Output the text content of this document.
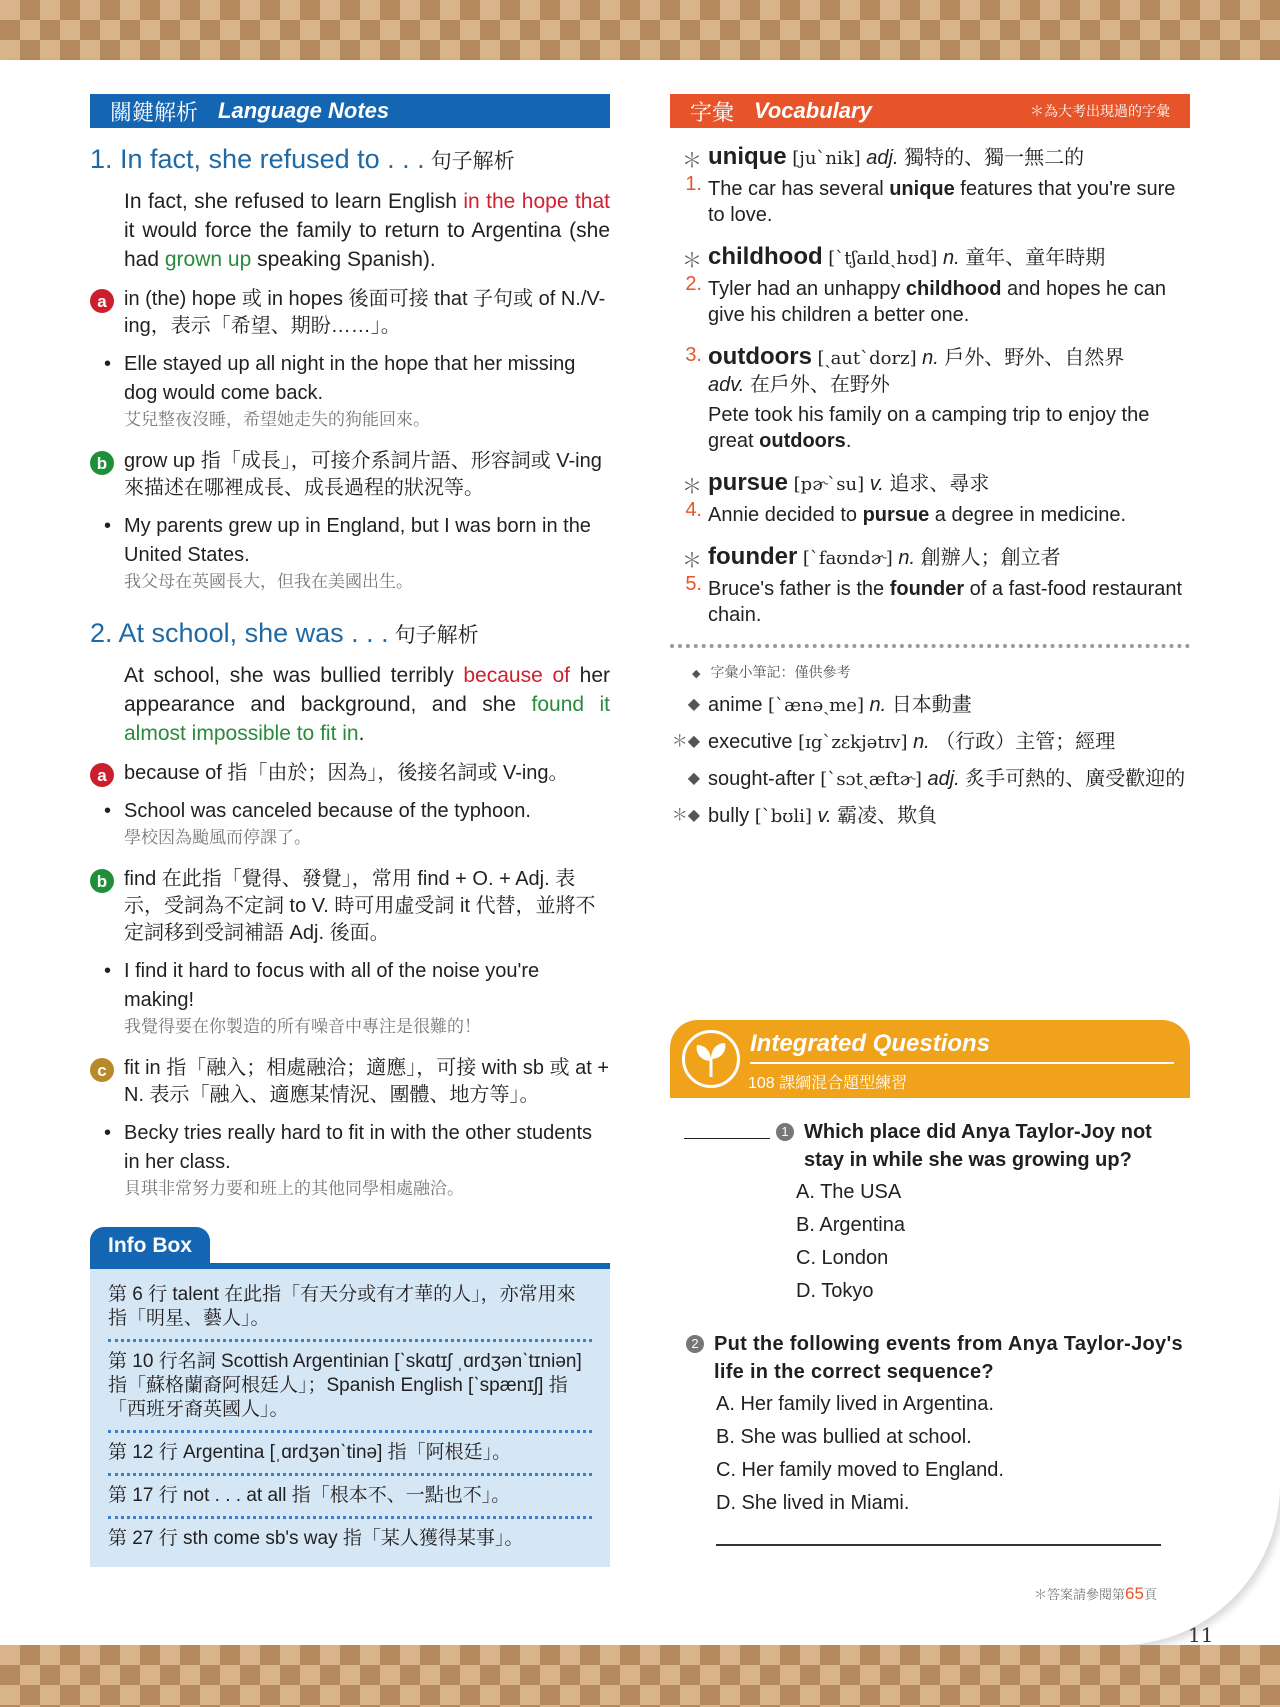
關鍵解析 Language Notes
1. In fact, she refused to . . . 句子解析
In fact, she refused to learn English in the hope that it would force the family to return to Argentina (she had grown up speaking Spanish).
a in (the) hope 或 in hopes 後面可接 that 子句或 of N./V-ing，表示「希望、期盼……」。
• Elle stayed up all night in the hope that her missing dog would come back.
艾兒整夜沒睡，希望她走失的狗能回來。
b grow up 指「成長」，可接介系詞片語、形容詞或 V-ing 來描述在哪裡成長、成長過程的狀況等。
• My parents grew up in England, but I was born in the United States.
我父母在英國長大，但我在美國出生。
2. At school, she was . . . 句子解析
At school, she was bullied terribly because of her appearance and background, and she found it almost impossible to fit in.
a because of 指「由於；因為」，後接名詞或 V-ing。
• School was canceled because of the typhoon.
學校因為颱風而停課了。
b find 在此指「覺得、發覺」，常用 find + O. + Adj. 表示，受詞為不定詞 to V. 時可用虛受詞 it 代替，並將不定詞移到受詞補語 Adj. 後面。
• I find it hard to focus with all of the noise you're making!
我覺得要在你製造的所有噪音中專注是很難的！
c fit in 指「融入；相處融洽；適應」，可接 with sb 或 at + N. 表示「融入、適應某情況、團體、地方等」。
• Becky tries really hard to fit in with the other students in her class.
貝琪非常努力要和班上的其他同學相處融洽。
Info Box
第 6 行 talent 在此指「有天分或有才華的人」，亦常用來指「明星、藝人」。
第 10 行名詞 Scottish Argentinian [ˋskɑtɪʃ ˌɑrdʒənˋtɪniən] 指「蘇格蘭裔阿根廷人」；Spanish English [ˋspænɪʃ] 指「西班牙裔英國人」。
第 12 行 Argentina [ˌɑrdʒənˋtinə] 指「阿根廷」。
第 17 行 not . . . at all 指「根本不、一點也不」。
第 27 行 sth come sb's way 指「某人獲得某事」。
字彙 Vocabulary	＊為大考出現過的字彙
＊1.
unique [juˋnik] adj. 獨特的、獨一無二的
The car has several unique features that you're sure to love.
＊2.
childhood [ˋtʃaɪldˏhʊd] n. 童年、童年時期
Tyler had an unhappy childhood and hopes he can give his children a better one.
3. outdoors [ˏautˋdorz] n. 戶外、野外、自然界
adv. 在戶外、在野外
Pete took his family on a camping trip to enjoy the great outdoors.
＊4.
pursue [pɚˋsu] v. 追求、尋求
Annie decided to pursue a degree in medicine.
＊5.
founder [ˋfaʊndɚ] n. 創辦人；創立者
Bruce's father is the founder of a fast-food restaurant chain.
◆ 字彙小筆記：僅供參考
◆ anime [ˋænəˏme] n. 日本動畫
＊◆ executive [ɪgˋzɛkjətɪv] n. （行政）主管；經理
◆ sought-after [ˋsɔtˏæftɚ] adj. 炙手可熱的、廣受歡迎的
＊◆ bully [ˋbʊli] v. 霸凌、欺負
Integrated Questions
108 課綱混合題型練習
1 Which place did Anya Taylor-Joy not stay in while she was growing up?
A. The USA
B. Argentina
C. London
D. Tokyo
2 Put the following events from Anya Taylor-Joy's life in the correct sequence?
A. Her family lived in Argentina.
B. She was bullied at school.
C. Her family moved to England.
D. She lived in Miami.
＊答案請參閱第65頁
11
